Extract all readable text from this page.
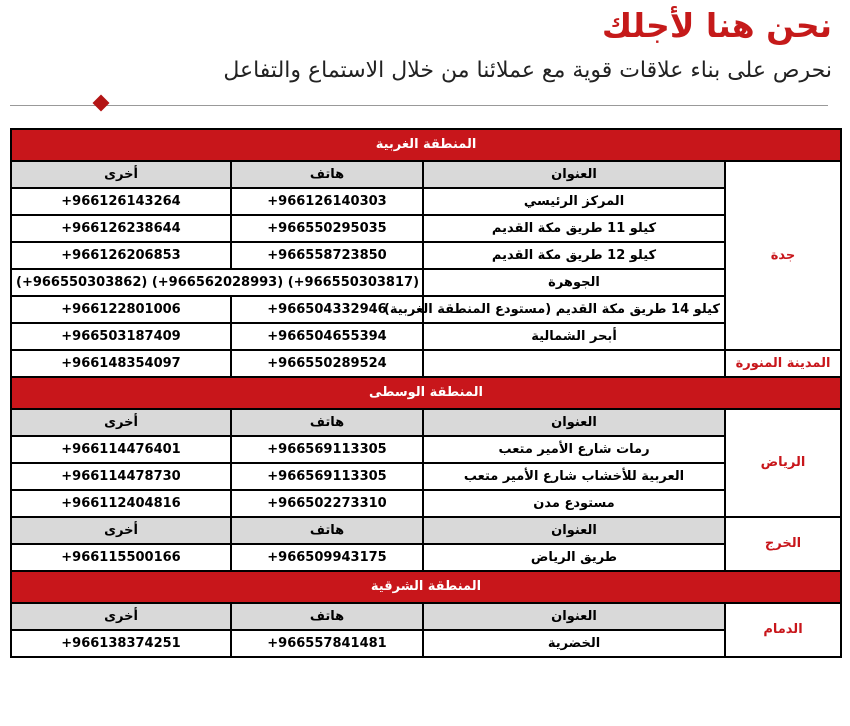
نحن هنا لأجلك
نحرص على بناء علاقات قوية مع عملائنا من خلال الاستماع والتفاعل
المنطقة الغربية			
أخرى	هاتف	العنوان	جدة
+966126143264	+966126140303	المركز الرئيسي	
+966126238644	+966550295035	كيلو 11 طريق مكة القديم	
+966126206853	+966558723850	كيلو 12 طريق مكة القديم	
(+966550303862) (+966562028993) (+966550303817)		الجوهرة	
+966122801006	+966504332946	كيلو 14 طريق مكة القديم (مستودع المنطقة الغربية)	
+966503187409	+966504655394	أبحر الشمالية	
+966148354097	+966550289524		المدينة المنورة
المنطقة الوسطى			
أخرى	هاتف	العنوان	الرياض
+966114476401	+966569113305	رمات شارع الأمير متعب	
+966114478730	+966569113305	العربية للأخشاب شارع الأمير متعب	
+966112404816	+966502273310	مستودع مدن	
أخرى	هاتف	العنوان	الخرج
+966115500166	+966509943175	طريق الرياض	
المنطقة الشرقية			
أخرى	هاتف	العنوان	الدمام
+966138374251	+966557841481	الخضرية	
